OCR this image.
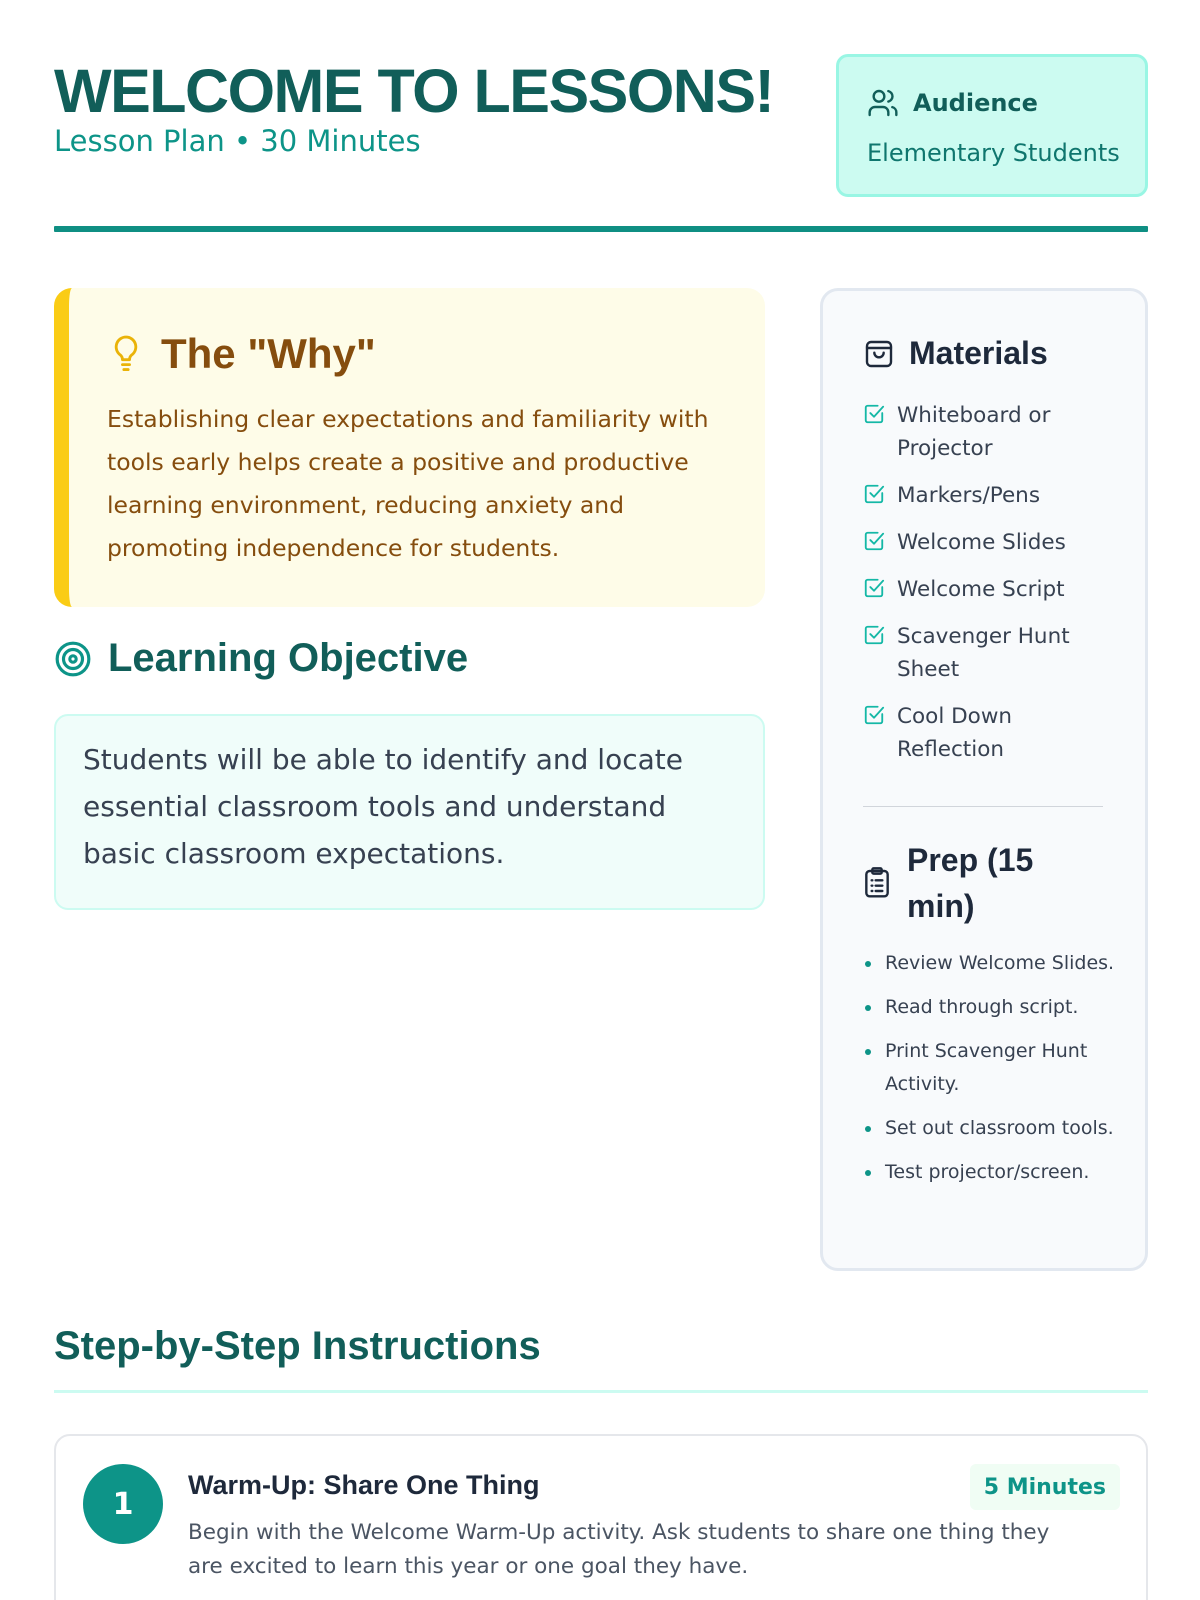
WELCOME TO LESSONS!
Lesson Plan • 30 Minutes
Audience
Elementary Students
The "Why"

Establishing clear expectations and familiarity with tools early helps create a positive and productive learning environment, reducing anxiety and promoting independence for students.

Learning Objective

Students will be able to identify and locate essential classroom tools and understand basic classroom expectations.

Materials
Whiteboard or Projector
Markers/Pens
Welcome Slides
Welcome Script
Scavenger Hunt Sheet
Cool Down Reflection
Prep (15 min)
Review Welcome Slides.
Read through script.
Print Scavenger Hunt Activity.
Set out classroom tools.
Test projector/screen.
Step-by-Step Instructions
1
Warm-Up: Share One Thing	5 Minutes

Begin with the Welcome Warm-Up activity. Ask students to share one thing they are excited to learn this year or one goal they have.
